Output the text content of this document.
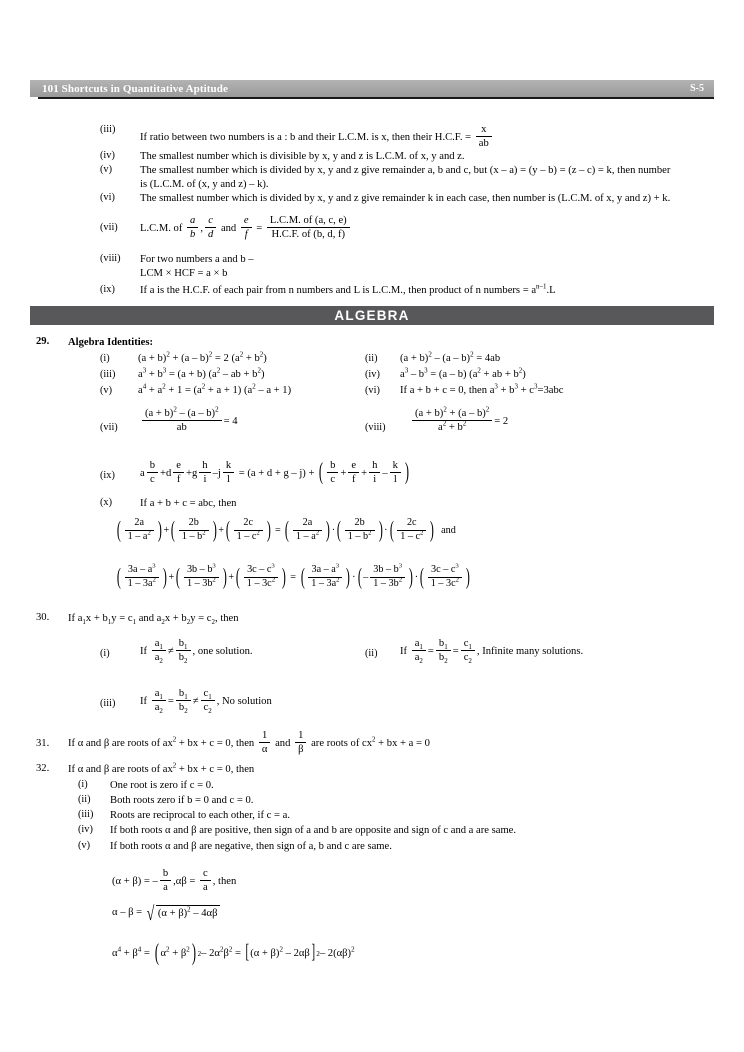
101 Shortcuts in Quantitative Aptitude	S-5
(iii)
If ratio between two numbers is a : b and their L.C.M. is x, then their H.C.F. = $\frac{x}{ab}$
(iv) The smallest number which is divisible by x, y and z is L.C.M. of x, y and z.
(v)	The smallest number which is divided by x, y and z give remainder a, b and c, but (x – a) = (y – b) = (z – c) = k, then number
is (L.C.M. of (x, y and z) – k).
(vi) The smallest number which is divided by x, y and z give remainder k in each case, then number is (L.C.M. of x, y and z) + k.
(vii) L.C.M. of

a
b
,
c
d

and
$\frac{e}{f}$
=
$\frac{L.C.M. of (a, c, e)}{H.C.F. of (b, d, f)}$
(viii) For two numbers a and b –
LCM × HCF = a × b
(ix) If a is the H.C.F. of each pair from n numbers and L is L.C.M., then product of n numbers = $a^{n-1}.L$
ALGEBRA
29. Algebra Identities:
(i)	$(a + b)^2 + (a - b)^2 = 2$ $(a^2 + b^2)$	(ii) $(a + b)^2 - (a - b)^2 = 4ab$
(iii) $a^3 + b^3 = (a + b)$ ($a^2$ – ab + $b^2$)	(iv) $a^3 - b^3 = (a - b) (a^2$ + ab + $b^2$)
(v) $a^4 + a^2 + 1 = (a^2 + a + 1)$ $(a^2 - a + 1)$	(vi) If a + b + c = 0, then $a^3 + b^3 + c^3=3abc$
$(vii) \frac{(a + b)^2 - (a - b)^2}{ab} = 4$
(viii) $\frac{(a + b)^2 + (a - b)^2}{a^2 + b^2} = 2$
(ix) a
b
c
+ d
e
f
+ g
h
i
– j $\frac{k}{l}$
=
(a + d + g – j)
+
( b
c
+ $\frac{e}{f} + \frac{h}{i}$ –
k
l )
(x)	If a + b + c = abc, then
(	2a
$1 - a^2$ ) + (	2b
$1 - b^2$ ) + (	2c
$1 - c^2$ )
=
(	2a
$1 - a^2$ ) · (	2b
$1 - b^2$ ) · (	2c
$1 - c^2$ )
and
( $3a - a^3$
$1 - 3a^2$ ) + ( $3b - b^3$
$1 - 3b^2$ ) + ( $3c - c^3$
$1 - 3c^2$ )
=
( $3a - a^3$
$1 - 3a^2$ ) · ( –
$3b - b^3$
$1 - 3b^2$ ) · ( $3c - c^3$
$1 - 3c^2$ )
30. If $a_1x + b_1y = c_1$ and $a_2x + b_2y = c_2$, then
(i)	If

$a_1$
$a_2$
≠
$b_1$
$b_2$
, one solution.	(ii) If
$\frac{a_1}{a_2} = \frac{b_1}{b_2} = \frac{c_1}{c_2}$ , Infinite many solutions.
(iii) If
$\frac{a_1}{a_2} = \frac{b_1}{b_2}$ ≠
$c_1$
$c_2$
, No solution
31. If α and β are roots of $ax^2$ + bx + c = 0, then

1
α

and

1
β

are roots of $cx^2$ + bx + a = 0
32. If α and β are roots of $ax^2$ + bx + c = 0, then
(i) One root is zero if c = 0.
(ii) Both roots zero if b = 0 and c = 0.
(iii) Roots are reciprocal to each other, if c = a.
(iv) If both roots α and β are positive, then sign of a and b are opposite and sign of c and a are same.
(v) If both roots α and β are negative, then sign of a, b and c are same.
(α + β) =
–
b
a
,αβ =
$\frac{c}{a}$ , then
α – β =
√ $(\alpha + \beta)^2 - 4\alpha\beta$
$\alpha^4 + \beta^4$
=
( $\alpha^2 + \beta^2$ ) $2 - 2\alpha^2\beta^2$
=
[ $(\alpha + \beta)^2 - 2\alpha\beta$ ] $2 - 2(\alpha\beta)^2$
